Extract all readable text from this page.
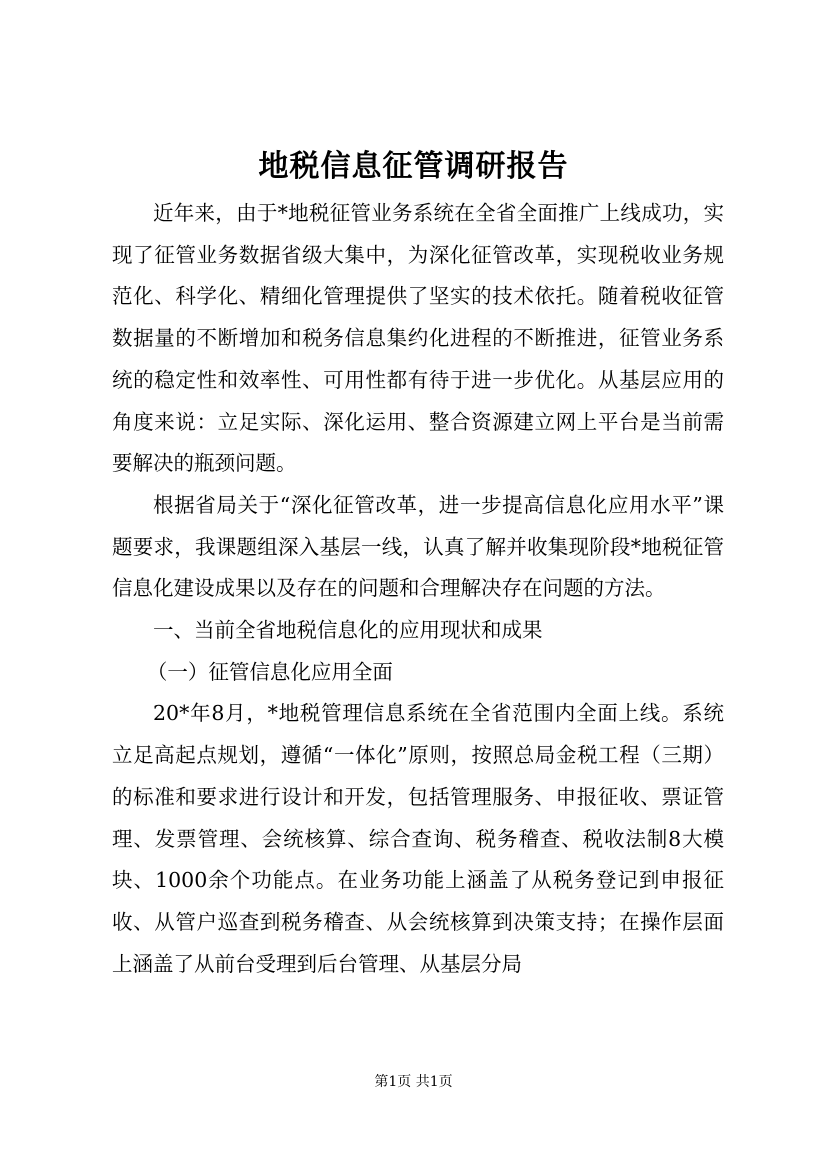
地税信息征管调研报告

近年来，由于*地税征管业务系统在全省全面推广上线成功，实现了征管业务数据省级大集中，为深化征管改革，实现税收业务规范化、科学化、精细化管理提供了坚实的技术依托。随着税收征管数据量的不断增加和税务信息集约化进程的不断推进，征管业务系统的稳定性和效率性、可用性都有待于进一步优化。从基层应用的角度来说：立足实际、深化运用、整合资源建立网上平台是当前需要解决的瓶颈问题。

根据省局关于“深化征管改革，进一步提高信息化应用水平”课题要求，我课题组深入基层一线，认真了解并收集现阶段*地税征管信息化建设成果以及存在的问题和合理解决存在问题的方法。

一、当前全省地税信息化的应用现状和成果

（一）征管信息化应用全面

20*年8月，*地税管理信息系统在全省范围内全面上线。系统立足高起点规划，遵循“一体化”原则，按照总局金税工程（三期）的标准和要求进行设计和开发，包括管理服务、申报征收、票证管理、发票管理、会统核算、综合查询、税务稽查、税收法制8大模块、1000余个功能点。在业务功能上涵盖了从税务登记到申报征收、从管户巡查到税务稽查、从会统核算到决策支持；在操作层面上涵盖了从前台受理到后台管理、从基层分局

第1页 共1页
